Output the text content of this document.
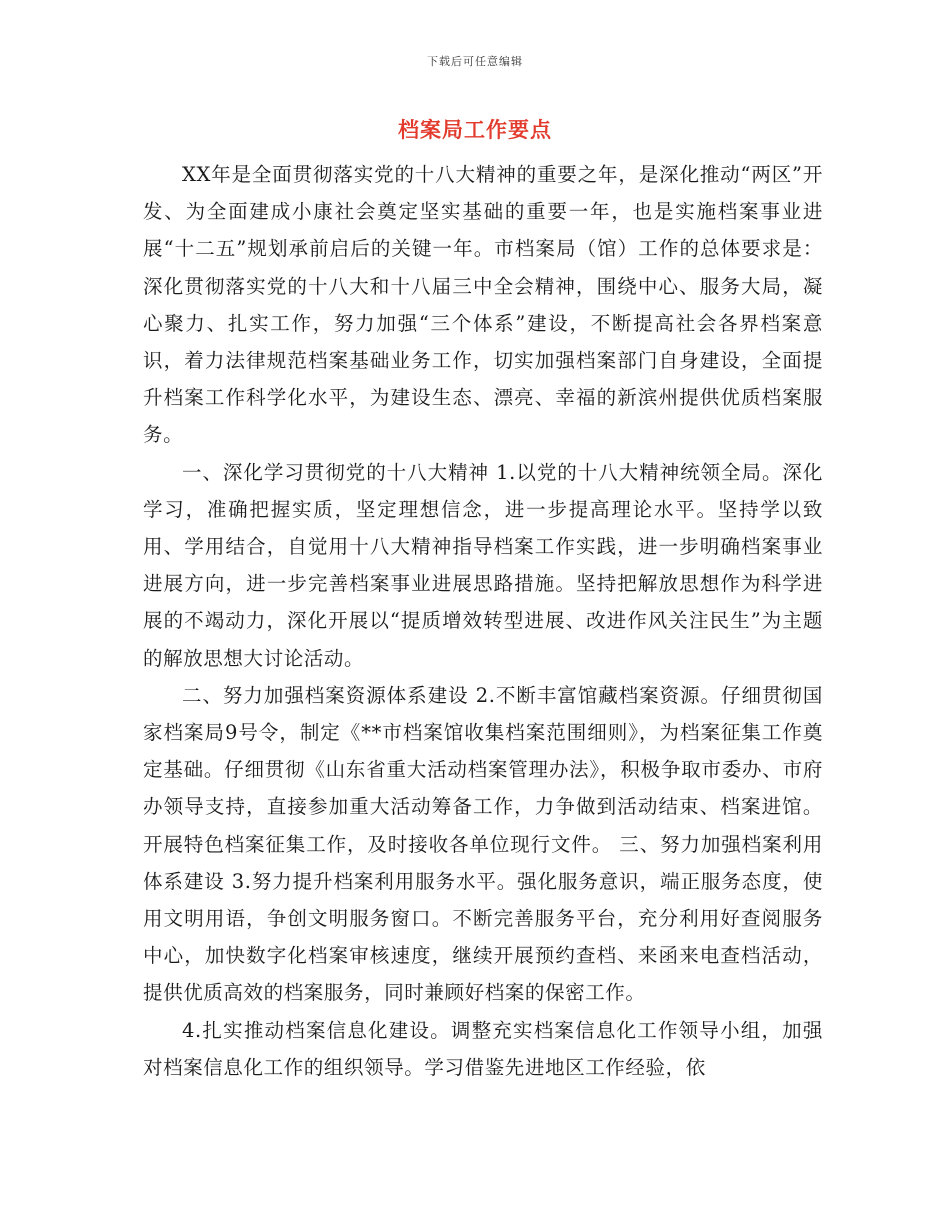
下载后可任意编辑
档案局工作要点

XX年是全面贯彻落实党的十八大精神的重要之年，是深化推动“两区”开发、为全面建成小康社会奠定坚实基础的重要一年，也是实施档案事业进展“十二五”规划承前启后的关键一年。市档案局（馆）工作的总体要求是：深化贯彻落实党的十八大和十八届三中全会精神，围绕中心、服务大局，凝心聚力、扎实工作，努力加强“三个体系”建设，不断提高社会各界档案意识，着力法律规范档案基础业务工作，切实加强档案部门自身建设，全面提升档案工作科学化水平，为建设生态、漂亮、幸福的新滨州提供优质档案服务。

一、深化学习贯彻党的十八大精神 1.以党的十八大精神统领全局。深化学习，准确把握实质，坚定理想信念，进一步提高理论水平。坚持学以致用、学用结合，自觉用十八大精神指导档案工作实践，进一步明确档案事业进展方向，进一步完善档案事业进展思路措施。坚持把解放思想作为科学进展的不竭动力，深化开展以“提质增效转型进展、改进作风关注民生”为主题的解放思想大讨论活动。

二、努力加强档案资源体系建设 2.不断丰富馆藏档案资源。仔细贯彻国家档案局9号令，制定《**市档案馆收集档案范围细则》，为档案征集工作奠定基础。仔细贯彻《山东省重大活动档案管理办法》，积极争取市委办、市府办领导支持，直接参加重大活动筹备工作，力争做到活动结束、档案进馆。开展特色档案征集工作，及时接收各单位现行文件。 三、努力加强档案利用体系建设 3.努力提升档案利用服务水平。强化服务意识，端正服务态度，使用文明用语，争创文明服务窗口。不断完善服务平台，充分利用好查阅服务中心，加快数字化档案审核速度，继续开展预约查档、来函来电查档活动，提供优质高效的档案服务，同时兼顾好档案的保密工作。

4.扎实推动档案信息化建设。调整充实档案信息化工作领导小组，加强对档案信息化工作的组织领导。学习借鉴先进地区工作经验，依
